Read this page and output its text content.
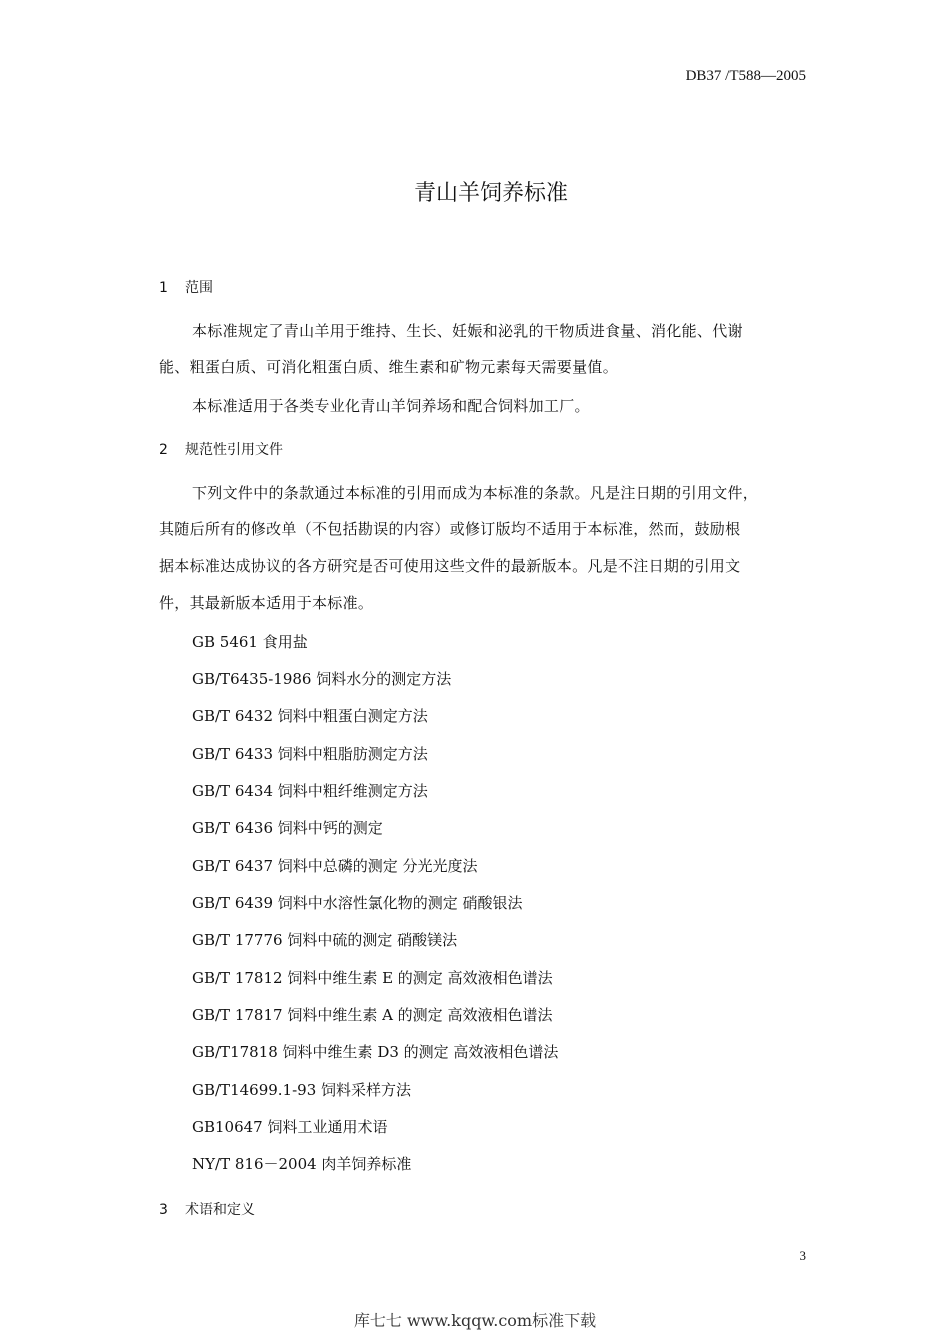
DB37 /T588—2005
青山羊饲养标准
1 范围
本标准规定了青山羊用于维持、生长、妊娠和泌乳的干物质进食量、消化能、代谢
能、粗蛋白质、可消化粗蛋白质、维生素和矿物元素每天需要量值。
本标准适用于各类专业化青山羊饲养场和配合饲料加工厂。
2 规范性引用文件
下列文件中的条款通过本标准的引用而成为本标准的条款。凡是注日期的引用文件，
其随后所有的修改单（不包括勘误的内容）或修订版均不适用于本标准，然而，鼓励根
据本标准达成协议的各方研究是否可使用这些文件的最新版本。凡是不注日期的引用文
件，其最新版本适用于本标准。
GB 5461 食用盐
GB/T6435-1986 饲料水分的测定方法
GB/T 6432 饲料中粗蛋白测定方法
GB/T 6433 饲料中粗脂肪测定方法
GB/T 6434 饲料中粗纤维测定方法
GB/T 6436 饲料中钙的测定
GB/T 6437 饲料中总磷的测定 分光光度法
GB/T 6439 饲料中水溶性氯化物的测定 硝酸银法
GB/T 17776 饲料中硫的测定 硝酸镁法
GB/T 17812 饲料中维生素 E 的测定 高效液相色谱法
GB/T 17817 饲料中维生素 A 的测定 高效液相色谱法
GB/T17818 饲料中维生素 D3 的测定 高效液相色谱法
GB/T14699.1-93 饲料采样方法
GB10647 饲料工业通用术语
NY/T 816－2004 肉羊饲养标准
3 术语和定义
3
库七七 www.kqqw.com标准下载
